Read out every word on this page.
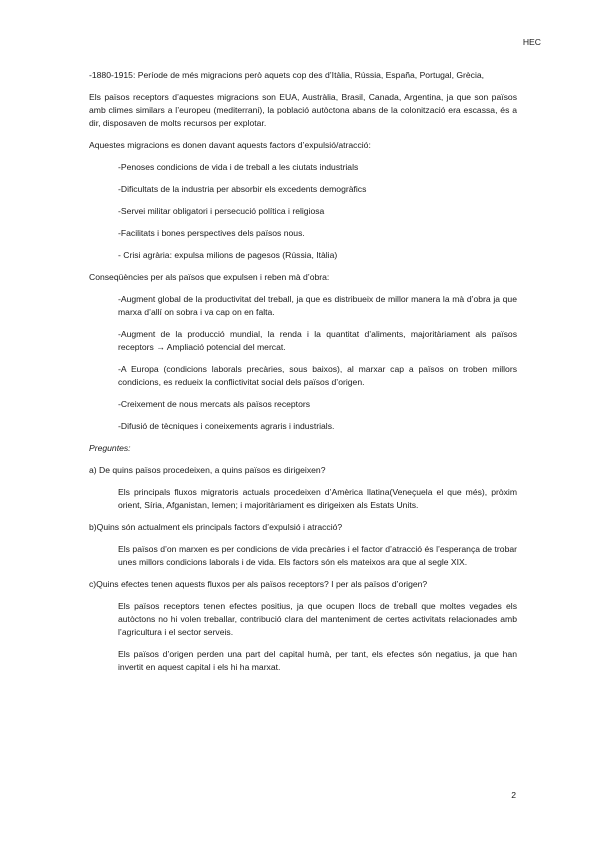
HEC

-1880-1915: Període de més migracions però aquets cop des d’Itàlia, Rússia, España, Portugal, Grècia,

Els països receptors d’aquestes migracions son EUA, Austràlia, Brasil, Canada, Argentina, ja que son països amb climes similars a l’europeu (mediterrani), la població autòctona abans de la colonització era escassa, és a dir, disposaven de molts recursos per explotar.

Aquestes migracions es donen davant aquests factors d’expulsió/atracció:

-Penoses condicions de vida i de treball a les ciutats industrials

-Dificultats de la industria per absorbir els excedents demogràfics

-Servei militar obligatori i persecució política i religiosa

-Facilitats i bones perspectives dels països nous.

- Crisi agrària: expulsa milions de pagesos (Rússia, Itàlia)

Conseqüències per als països que expulsen i reben mà d’obra:

-Augment global de la productivitat del treball, ja que es distribueix de millor manera la mà d’obra ja que marxa d’allí on sobra i va cap on en falta.

-Augment de la producció mundial, la renda i la quantitat d’aliments, majoritàriament als països receptors → Ampliació potencial del mercat.

-A Europa (condicions laborals precàries, sous baixos), al marxar cap a països on troben millors condicions, es redueix la conflictivitat social dels països d’origen.

-Creixement de nous mercats als països receptors

-Difusió de tècniques i coneixements agraris i industrials.

Preguntes:

a) De quins països procedeixen, a quins països es dirigeixen?

Els principals fluxos migratoris actuals procedeixen d’Amèrica llatina(Veneçuela el que més), pròxim orient, Síria, Afganistan, Iemen; i majoritàriament es dirigeixen als Estats Units.

b)Quins són actualment els principals factors d’expulsió i atracció?

Els països d’on marxen es per condicions de vida precàries i el factor d’atracció és l’esperança de trobar unes millors condicions laborals i de vida. Els factors són els mateixos ara que al segle XIX.

c)Quins efectes tenen aquests fluxos per als països receptors? I per als països d’origen?

Els països receptors tenen efectes positius, ja que ocupen llocs de treball que moltes vegades els autòctons no hi volen treballar, contribució clara del manteniment de certes activitats relacionades amb l’agricultura i el sector serveis.

Els països d’origen perden una part del capital humà, per tant, els efectes són negatius, ja que han invertit en aquest capital i els hi ha marxat.

2
